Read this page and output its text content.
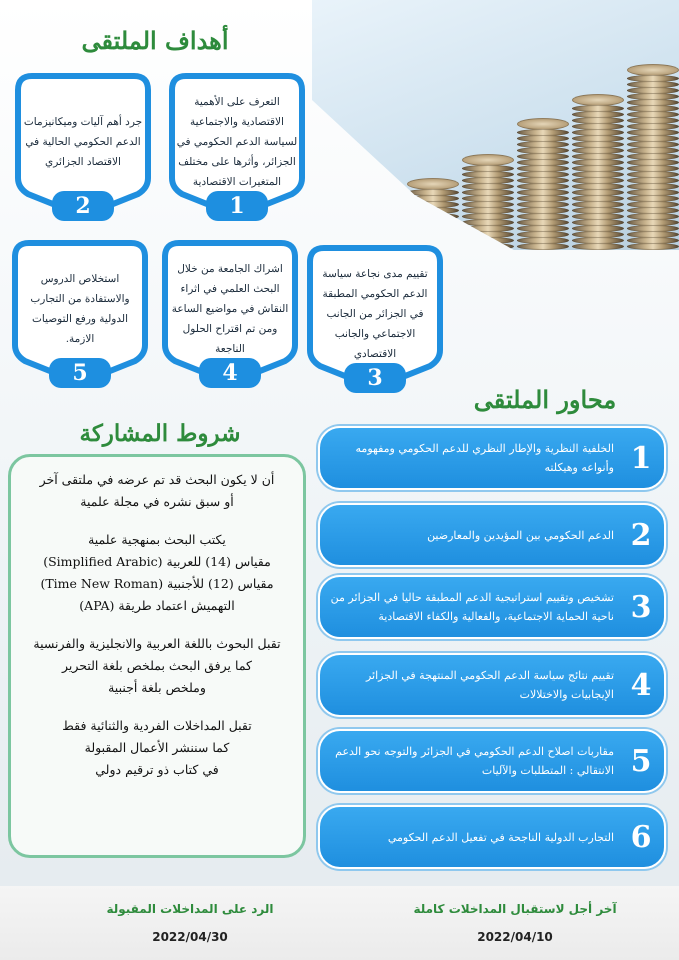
أهداف الملتقى
محاور الملتقى
شروط المشاركة
التعرف على الأهمية الاقتصادية والاجتماعية لسياسة الدعم الحكومي في الجزائر، وأثرها على مختلف المتغيرات الاقتصادية
1
جرد أهم آليات وميكانيزمات الدعم الحكومي الحالية في الاقتصاد الجزائري
2
تقييم مدى نجاعة سياسة الدعم الحكومي المطبقة في الجزائر من الجانب الاجتماعي والجانب الاقتصادي
3
اشراك الجامعة من خلال البحث العلمي في اثراء النقاش في مواضيع الساعة ومن تم اقتراح الحلول الناجعة
4
استخلاص الدروس والاستفادة من التجارب الدولية ورفع التوصيات الازمة.
5
الخلفية النظرية والإطار النظري للدعم الحكومي ومفهومه وأنواعه وهيكلته 1
الدعم الحكومي بين المؤيدين والمعارضين 2
تشخيص وتقييم استراتيجية الدعم المطبقة حاليا في الجزائر من ناحية الحماية الاجتماعية، والفعالية والكفاء الاقتصادية 3
تقييم نتائج سياسة الدعم الحكومي المنتهجة في الجزائر الإيجابيات والاختلالات 4
مقاربات اصلاح الدعم الحكومي في الجزائر والتوجه نحو الدعم الانتقالي : المتطلبات والآليات 5
التجارب الدولية الناجحة في تفعيل الدعم الحكومي 6

أن لا يكون البحث قد تم عرضه في ملتقى آخر

أو سبق نشره في مجلة علمية

يكتب البحث بمنهجية علمية

مقياس (14) للعربية (Simplified Arabic)

مقياس (12) للأجنبية (Time New Roman)

التهميش اعتماد طريقة (APA)

تقبل البحوث باللغة العربية والانجليزية والفرنسية

كما يرفق البحث بملخص بلغة التحرير

وملخص بلغة أجنبية

تقبل المداخلات الفردية والثنائية فقط

كما سننشر الأعمال المقبولة

في كتاب ذو ترقيم دولي

آخر أجل لاستقبال المداخلات كاملة
2022/04/10
الرد على المداخلات المقبولة
2022/04/30
